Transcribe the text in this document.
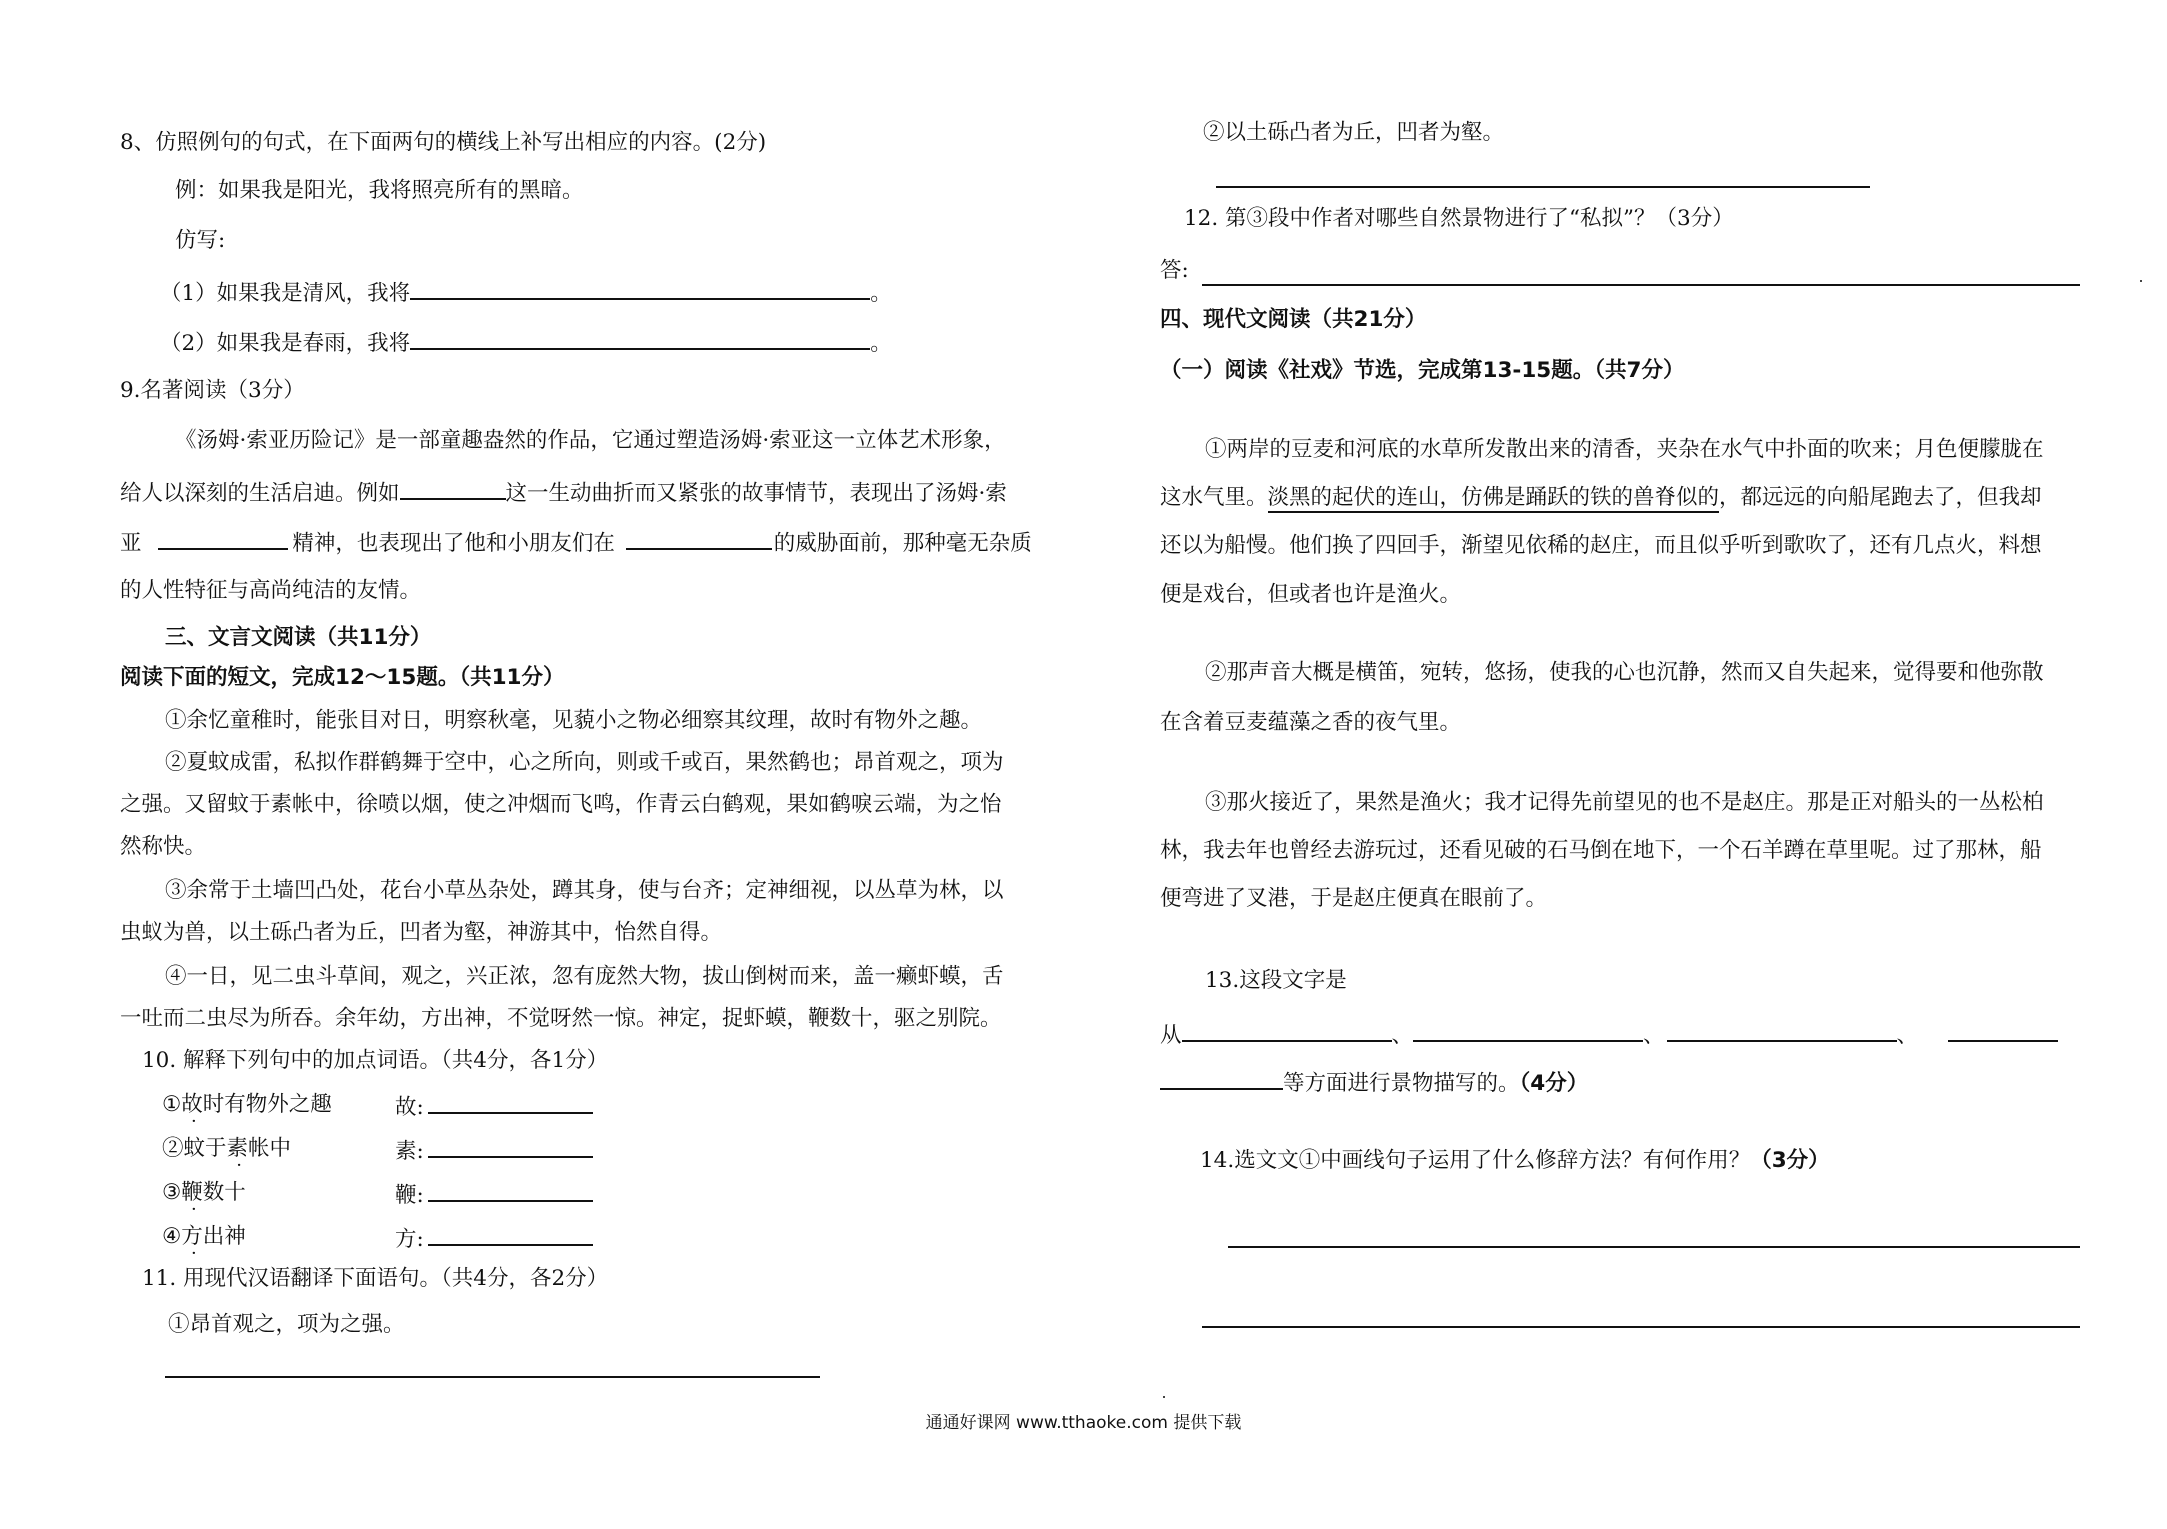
8、仿照例句的句式，在下面两句的横线上补写出相应的内容。(2分)
例：如果我是阳光，我将照亮所有的黑暗。
仿写:
（1）如果我是清风，我将	。
（2）如果我是春雨，我将	。
9.名著阅读（3分）
《汤姆·索亚历险记》是一部童趣盎然的作品，它通过塑造汤姆·索亚这一立体艺术形象，
给人以深刻的生活启迪。例如	这一生动曲折而又紧张的故事情节，表现出了汤姆·索
亚	精神，也表现出了他和小朋友们在	的威胁面前，那种毫无杂质
的人性特征与高尚纯洁的友情。
三、文言文阅读（共11分）
阅读下面的短文，完成12～15题。（共11分）
①余忆童稚时，能张目对日，明察秋毫，见藐小之物必细察其纹理，故时有物外之趣。
②夏蚊成雷，私拟作群鹤舞于空中，心之所向，则或千或百，果然鹤也；昂首观之，项为
之强。又留蚊于素帐中，徐喷以烟，使之冲烟而飞鸣，作青云白鹤观，果如鹤唳云端，为之怡
然称快。
③余常于土墙凹凸处，花台小草丛杂处，蹲其身，使与台齐；定神细视，以丛草为林，以
虫蚁为兽，以土砾凸者为丘，凹者为壑，神游其中，怡然自得。
④一日，见二虫斗草间，观之，兴正浓，忽有庞然大物，拔山倒树而来，盖一癞虾蟆，舌
一吐而二虫尽为所吞。余年幼，方出神，不觉呀然一惊。神定，捉虾蟆，鞭数十，驱之别院。
10. 解释下列句中的加点词语。（共4分，各1分）
①故时有物外之趣	故:
②蚊于素帐中	素:
③鞭数十	鞭:
④方出神	方:
11. 用现代汉语翻译下面语句。（共4分，各2分）
①昂首观之，项为之强。
②以土砾凸者为丘，凹者为壑。
12. 第③段中作者对哪些自然景物进行了“私拟”？（3分）
答:
四、现代文阅读（共21分）
（一）阅读《社戏》节选，完成第13-15题。（共7分）
①两岸的豆麦和河底的水草所发散出来的清香，夹杂在水气中扑面的吹来；月色便朦胧在
这水气里。淡黑的起伏的连山，仿佛是踊跃的铁的兽脊似的，都远远的向船尾跑去了，但我却
还以为船慢。他们换了四回手，渐望见依稀的赵庄，而且似乎听到歌吹了，还有几点火，料想
便是戏台，但或者也许是渔火。
②那声音大概是横笛，宛转，悠扬，使我的心也沉静，然而又自失起来，觉得要和他弥散
在含着豆麦蕴藻之香的夜气里。
③那火接近了，果然是渔火；我才记得先前望见的也不是赵庄。那是正对船头的一丛松柏
林，我去年也曾经去游玩过，还看见破的石马倒在地下，一个石羊蹲在草里呢。过了那林，船
便弯进了叉港，于是赵庄便真在眼前了。
13.这段文字是
从	、	、	、
等方面进行景物描写的。（4分）
14.选文文①中画线句子运用了什么修辞方法？有何作用？（3分）
通通好课网 www.tthaoke.com 提供下载
